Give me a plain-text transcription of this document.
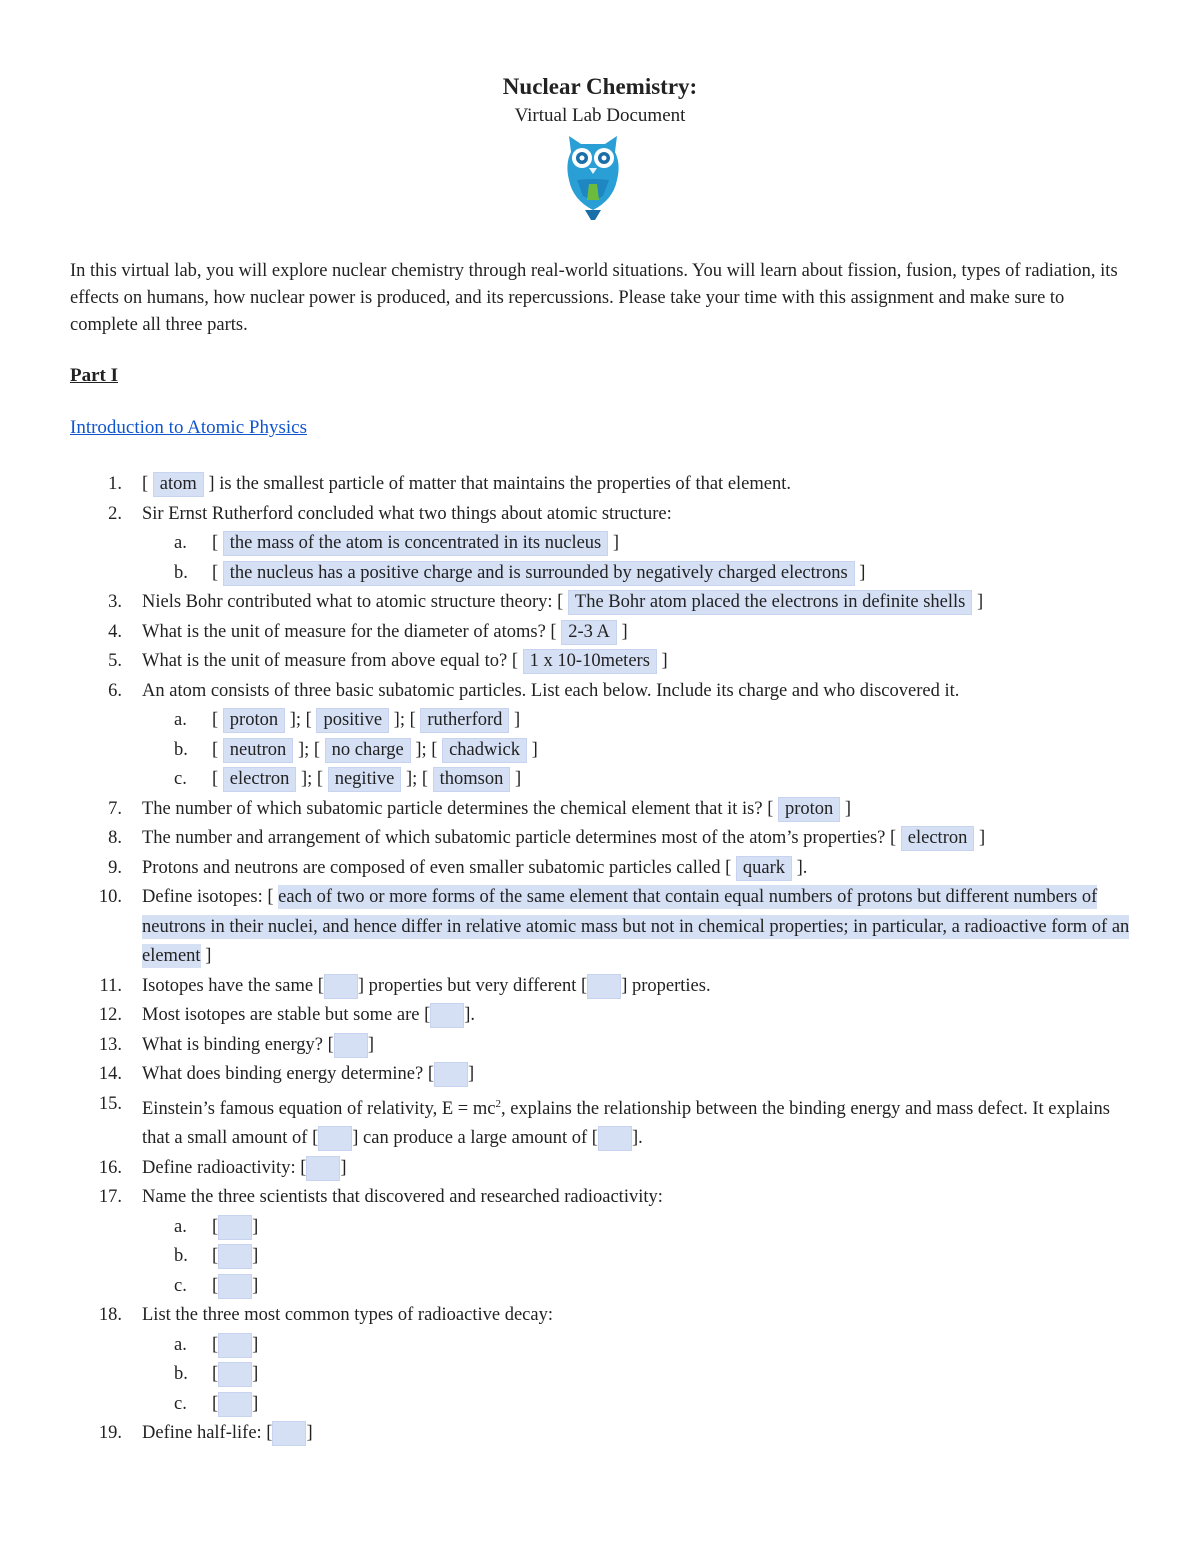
Nuclear Chemistry:
Virtual Lab Document
In this virtual lab, you will explore nuclear chemistry through real-world situations. You will learn about fission, fusion, types of radiation, its effects on humans, how nuclear power is produced, and its repercussions. Please take your time with this assignment and make sure to complete all three parts.
Part I
Introduction to Atomic Physics
1. [ atom ] is the smallest particle of matter that maintains the properties of that element.
2. Sir Ernst Rutherford concluded what two things about atomic structure:
a. [ the mass of the atom is concentrated in its nucleus ]
b. [ the nucleus has a positive charge and is surrounded by negatively charged electrons ]
3. Niels Bohr contributed what to atomic structure theory: [ The Bohr atom placed the electrons in definite shells ]
4. What is the unit of measure for the diameter of atoms? [ 2-3 A ]
5. What is the unit of measure from above equal to? [ 1 x 10-10meters ]
6. An atom consists of three basic subatomic particles. List each below. Include its charge and who discovered it.
a. [ proton ]; [ positive ]; [ rutherford ]
b. [ neutron ]; [ no charge ]; [ chadwick ]
c. [ electron ]; [ negitive ]; [ thomson ]
7. The number of which subatomic particle determines the chemical element that it is? [ proton ]
8. The number and arrangement of which subatomic particle determines most of the atom’s properties? [ electron ]
9. Protons and neutrons are composed of even smaller subatomic particles called [ quark ].
10. Define isotopes: [ each of two or more forms of the same element that contain equal numbers of protons but different numbers of neutrons in their nuclei, and hence differ in relative atomic mass but not in chemical properties; in particular, a radioactive form of an element ]
11. Isotopes have the same [ ] properties but very different [ ] properties.
12. Most isotopes are stable but some are [ ].
13. What is binding energy? [ ]
14. What does binding energy determine? [ ]
15. Einstein’s famous equation of relativity, $E = mc^2$, explains the relationship between the binding energy and mass defect. It explains that a small amount of [ ] can produce a large amount of [ ].
16. Define radioactivity: [ ]
17. Name the three scientists that discovered and researched radioactivity:
a. [ ]
b. [ ]
c. [ ]
18. List the three most common types of radioactive decay:
a. [ ]
b. [ ]
c. [ ]
19. Define half-life: [ ]
